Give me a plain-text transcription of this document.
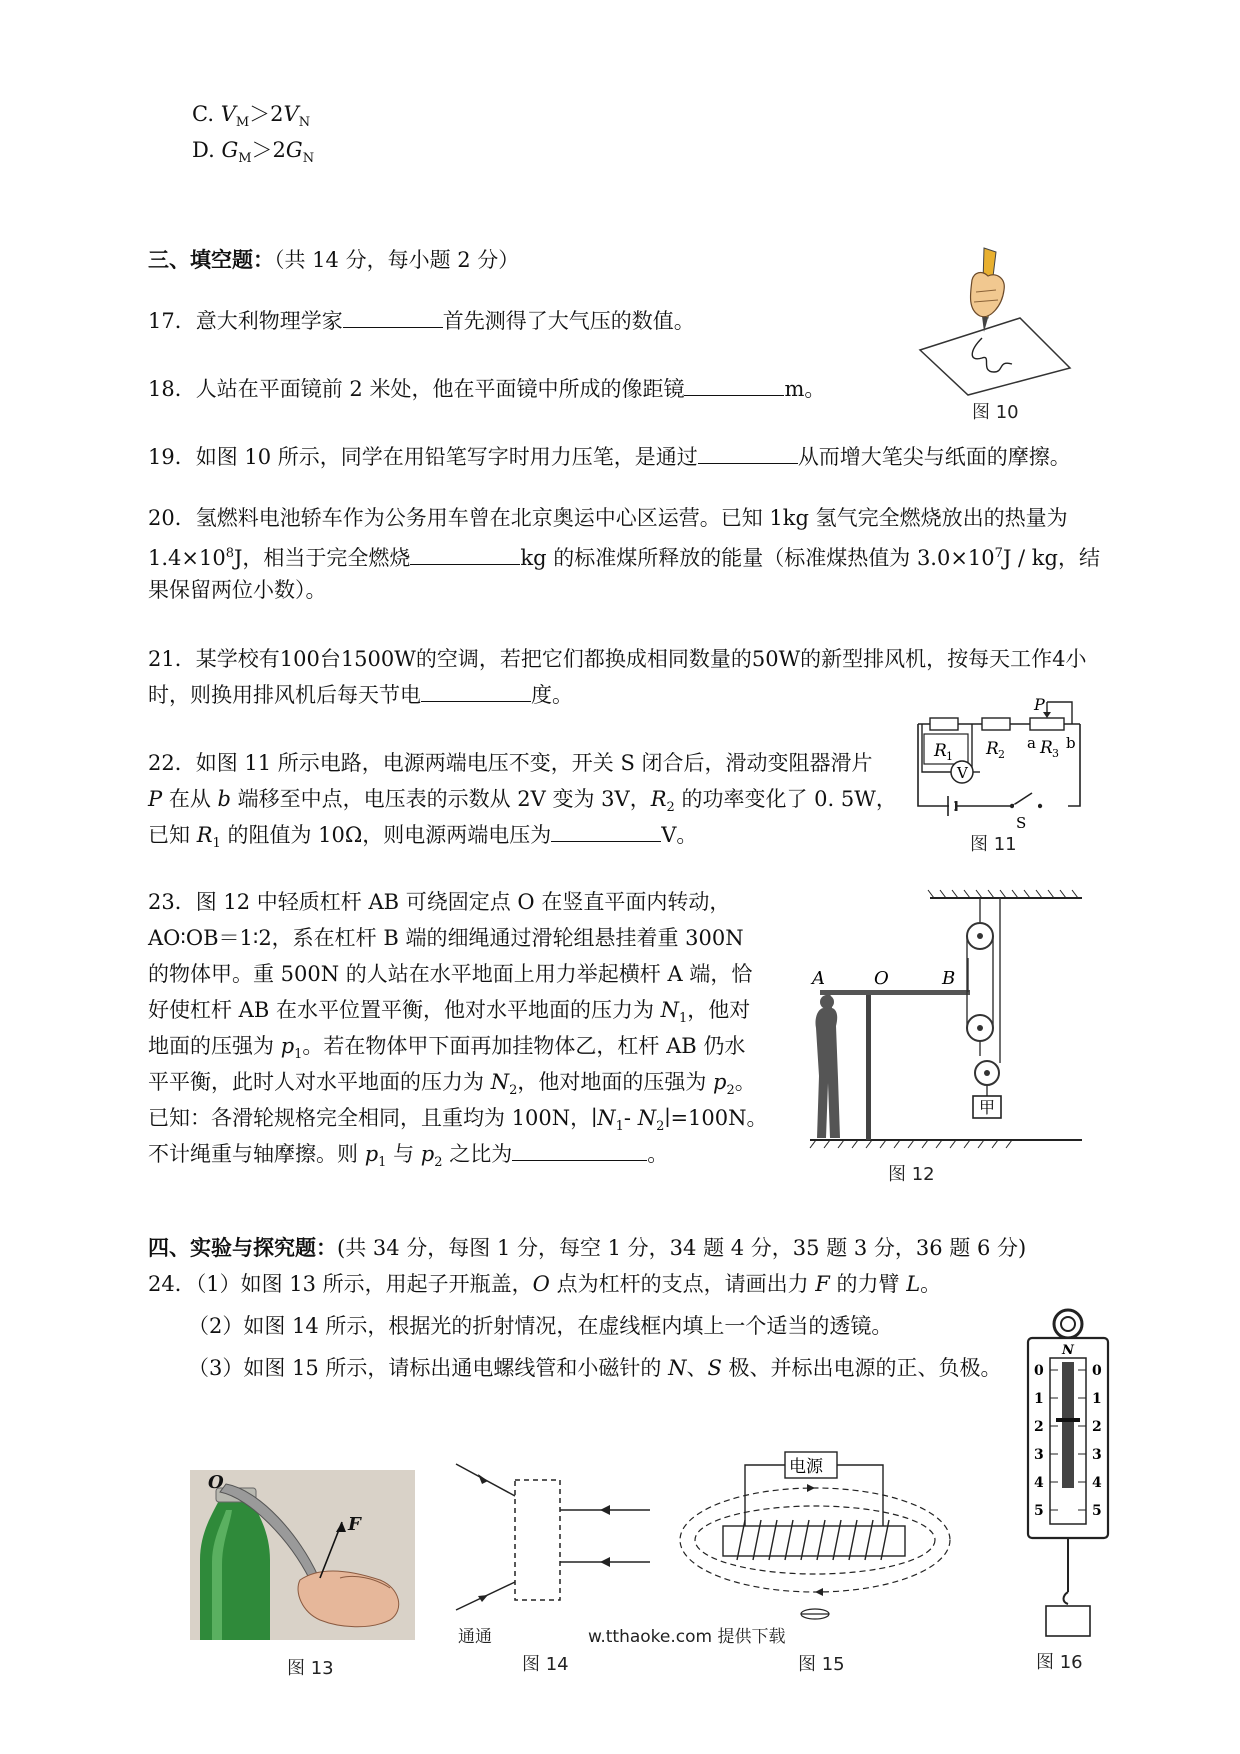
C. $V_M>2V_N$
D. $G_M>2G_N$
三、填空题：（共 14 分，每小题 2 分）
17．意大利物理学家	首先测得了大气压的数值。
18．人站在平面镜前 2 米处，他在平面镜中所成的像距镜	m。
图 10
19．如图 10 所示，同学在用铅笔写字时用力压笔，是通过	从而增大笔尖与纸面的摩擦。
20．氢燃料电池轿车作为公务用车曾在北京奥运中心区运营。已知 1kg 氢气完全燃烧放出的热量为
$1.4\times 10^8J$，相当于完全燃烧	kg 的标准煤所释放的能量（标准煤热值为 $3.0\times 10^7J$ / kg，结
果保留两位小数）。
21．某学校有100台1500W的空调，若把它们都换成相同数量的50W的新型排风机，按每天工作4小
时，则换用排风机后每天节电	度。
V
R 1 R 2 R 3
P
a b
S
图 11
22．如图 11 所示电路，电源两端电压不变，开关 S 闭合后，滑动变阻器滑片
P 在从 b 端移至中点，电压表的示数从 2V 变为 3V，$R_2$ 的功率变化了 0. 5W，
已知 $R_1$ 的阻值为 10Ω，则电源两端电压为	V。
23．图 12 中轻质杠杆 AB 可绕固定点 O 在竖直平面内转动，
AO∶OB＝1∶2，系在杠杆 B 端的细绳通过滑轮组悬挂着重 300N
的物体甲。重 500N 的人站在水平地面上用力举起横杆 A 端，恰
好使杠杆 AB 在水平位置平衡，他对水平地面的压力为 $N_1$，他对
地面的压强为 $p_1$。若在物体甲下面再加挂物体乙，杠杆 AB 仍水
平平衡，此时人对水平地面的压力为 $N_2$，他对地面的压强为 $p_2$。
已知：各滑轮规格完全相同，且重均为 100N，$∣N_1-$ $N_2∣=100N$。
不计绳重与轴摩擦。则 $p_1$ 与 $p_2$ 之比为	。
甲
A	O	B
图 12
四、实验与探究题：(共 34 分，每图 1 分，每空 1 分，34 题 4 分，35 题 3 分，36 题 6 分)
24．（1）如图 13 所示，用起子开瓶盖，O 点为杠杆的支点，请画出力 F 的力臂 L。
（2）如图 14 所示，根据光的折射情况，在虚线框内填上一个适当的透镜。
（3）如图 15 所示，请标出通电螺线管和小磁针的 N、S 极、并标出电源的正、负极。
O
F
图 13	图 14
电源
图 15
N
0
1
2
3
4
5
0
1
2
3
4
5
图 16
通通	w.tthaoke.com 提供下载
